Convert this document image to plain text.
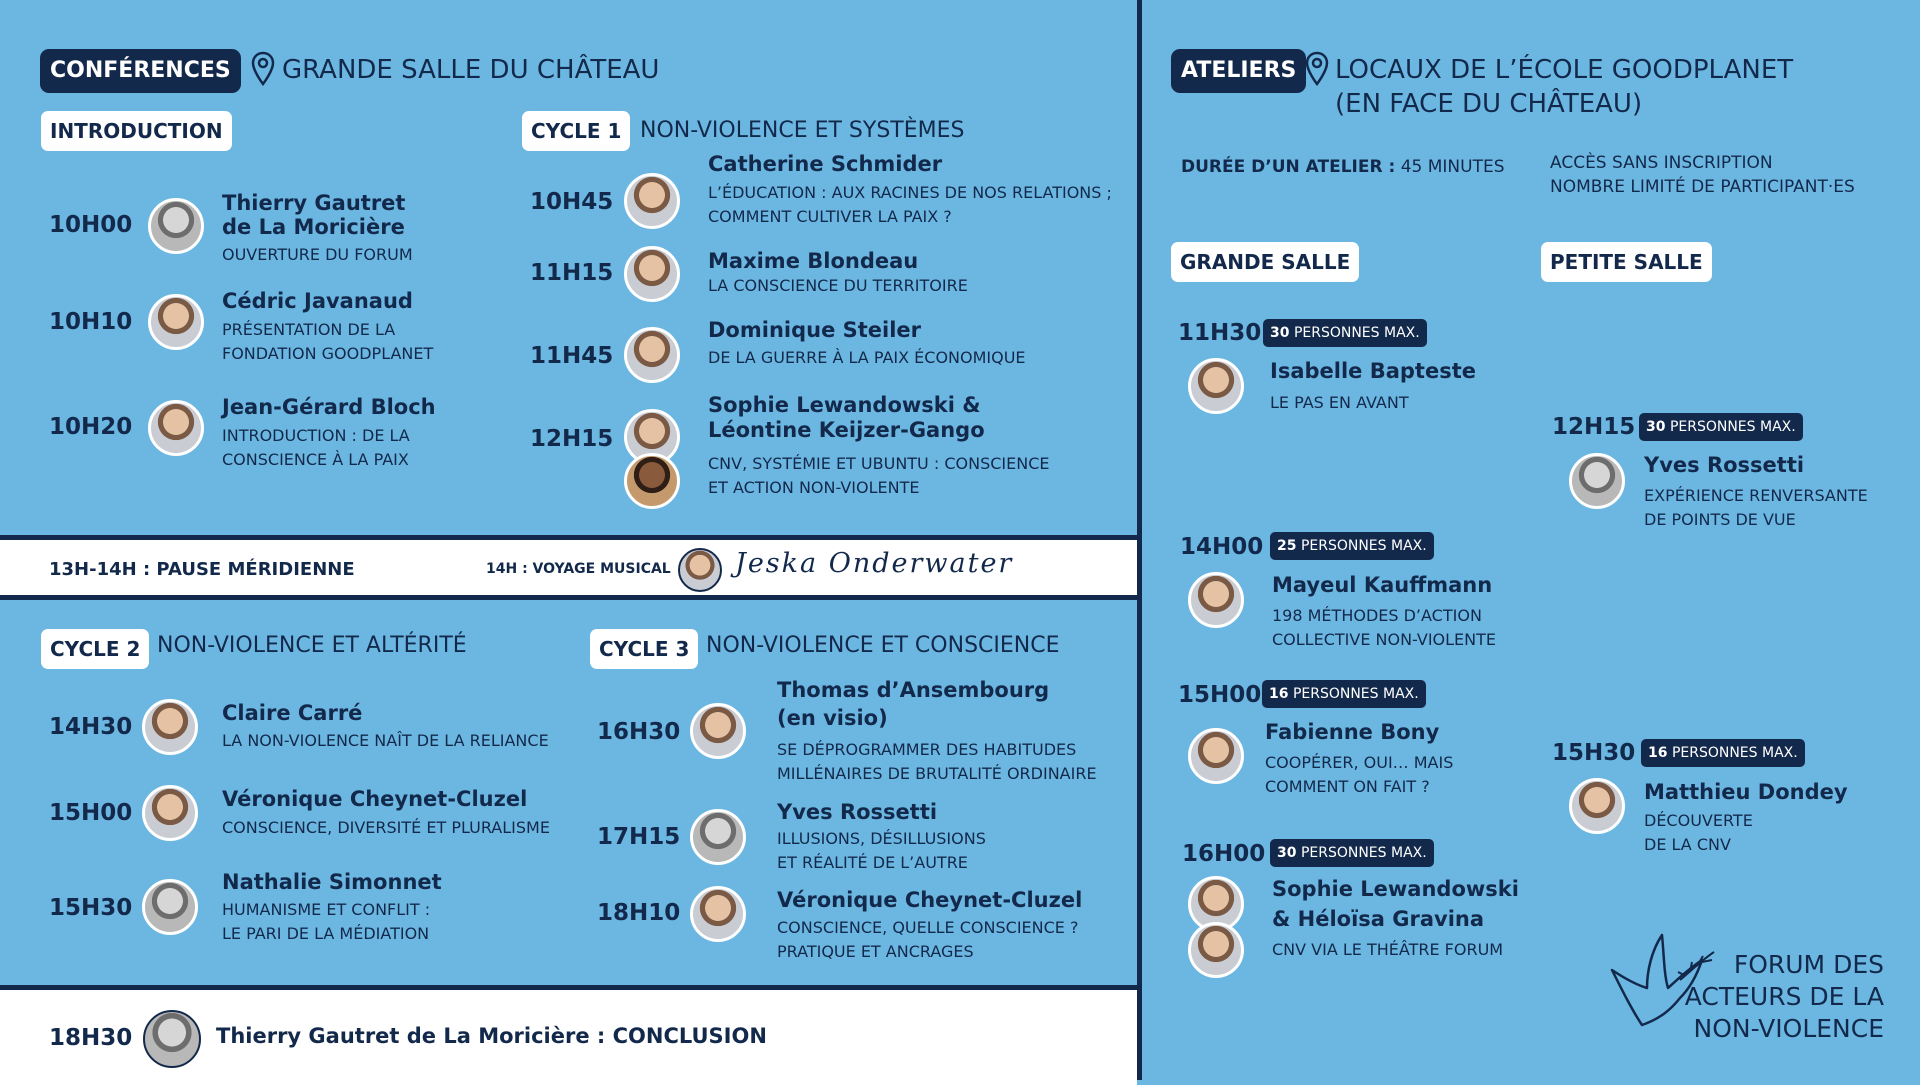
CONFÉRENCES	GRANDE SALLE DU CHÂTEAU
INTRODUCTION
10H00
Thierry Gautret
de La Moricière
OUVERTURE DU FORUM
10H10
Cédric Javanaud
PRÉSENTATION DE LA
FONDATION GOODPLANET
10H20
Jean-Gérard Bloch
INTRODUCTION : DE LA
CONSCIENCE À LA PAIX
CYCLE 1 NON-VIOLENCE ET SYSTÈMES
10H45
Catherine Schmider
L’ÉDUCATION : AUX RACINES DE NOS RELATIONS ;
COMMENT CULTIVER LA PAIX ?
11H15	Maxime Blondeau
LA CONSCIENCE DU TERRITOIRE
11H45
Dominique Steiler
DE LA GUERRE À LA PAIX ÉCONOMIQUE
12H15
Sophie Lewandowski &
Léontine Keijzer-Gango
CNV, SYSTÉMIE ET UBUNTU : CONSCIENCE
ET ACTION NON-VIOLENTE
13H-14H : PAUSE MÉRIDIENNE	14H : VOYAGE MUSICAL Jeska Onderwater
CYCLE 2 NON-VIOLENCE ET ALTÉRITÉ
14H30
Claire Carré
LA NON-VIOLENCE NAÎT DE LA RELIANCE
15H00
Véronique Cheynet-Cluzel
CONSCIENCE, DIVERSITÉ ET PLURALISME
15H30
Nathalie Simonnet
HUMANISME ET CONFLIT :
LE PARI DE LA MÉDIATION
CYCLE 3 NON-VIOLENCE ET CONSCIENCE
16H30
Thomas d’Ansembourg
(en visio)
SE DÉPROGRAMMER DES HABITUDES
MILLÉNAIRES DE BRUTALITÉ ORDINAIRE
17H15
Yves Rossetti
ILLUSIONS, DÉSILLUSIONS
ET RÉALITÉ DE L’AUTRE
18H10	Véronique Cheynet-Cluzel
CONSCIENCE, QUELLE CONSCIENCE ?
PRATIQUE ET ANCRAGES
18H30	Thierry Gautret de La Moricière : CONCLUSION
ATELIERS	LOCAUX DE L’ÉCOLE GOODPLANET
(EN FACE DU CHÂTEAU)
DURÉE D’UN ATELIER : 45 MINUTES	ACCÈS SANS INSCRIPTION
NOMBRE LIMITÉ DE PARTICIPANT·ES
GRANDE SALLE	PETITE SALLE
11H30 30 PERSONNES MAX.
Isabelle Bapteste
LE PAS EN AVANT
14H00 25 PERSONNES MAX.
Mayeul Kauffmann
198 MÉTHODES D’ACTION
COLLECTIVE NON-VIOLENTE
15H00 16 PERSONNES MAX.
Fabienne Bony
COOPÉRER, OUI… MAIS
COMMENT ON FAIT ?
16H00 30 PERSONNES MAX.
Sophie Lewandowski
& Héloïsa Gravina
CNV VIA LE THÉÂTRE FORUM
12H15 30 PERSONNES MAX.
Yves Rossetti
EXPÉRIENCE RENVERSANTE
DE POINTS DE VUE
15H30 16 PERSONNES MAX.
Matthieu Dondey
DÉCOUVERTE
DE LA CNV
FORUM DES
ACTEURS DE LA
NON-VIOLENCE
